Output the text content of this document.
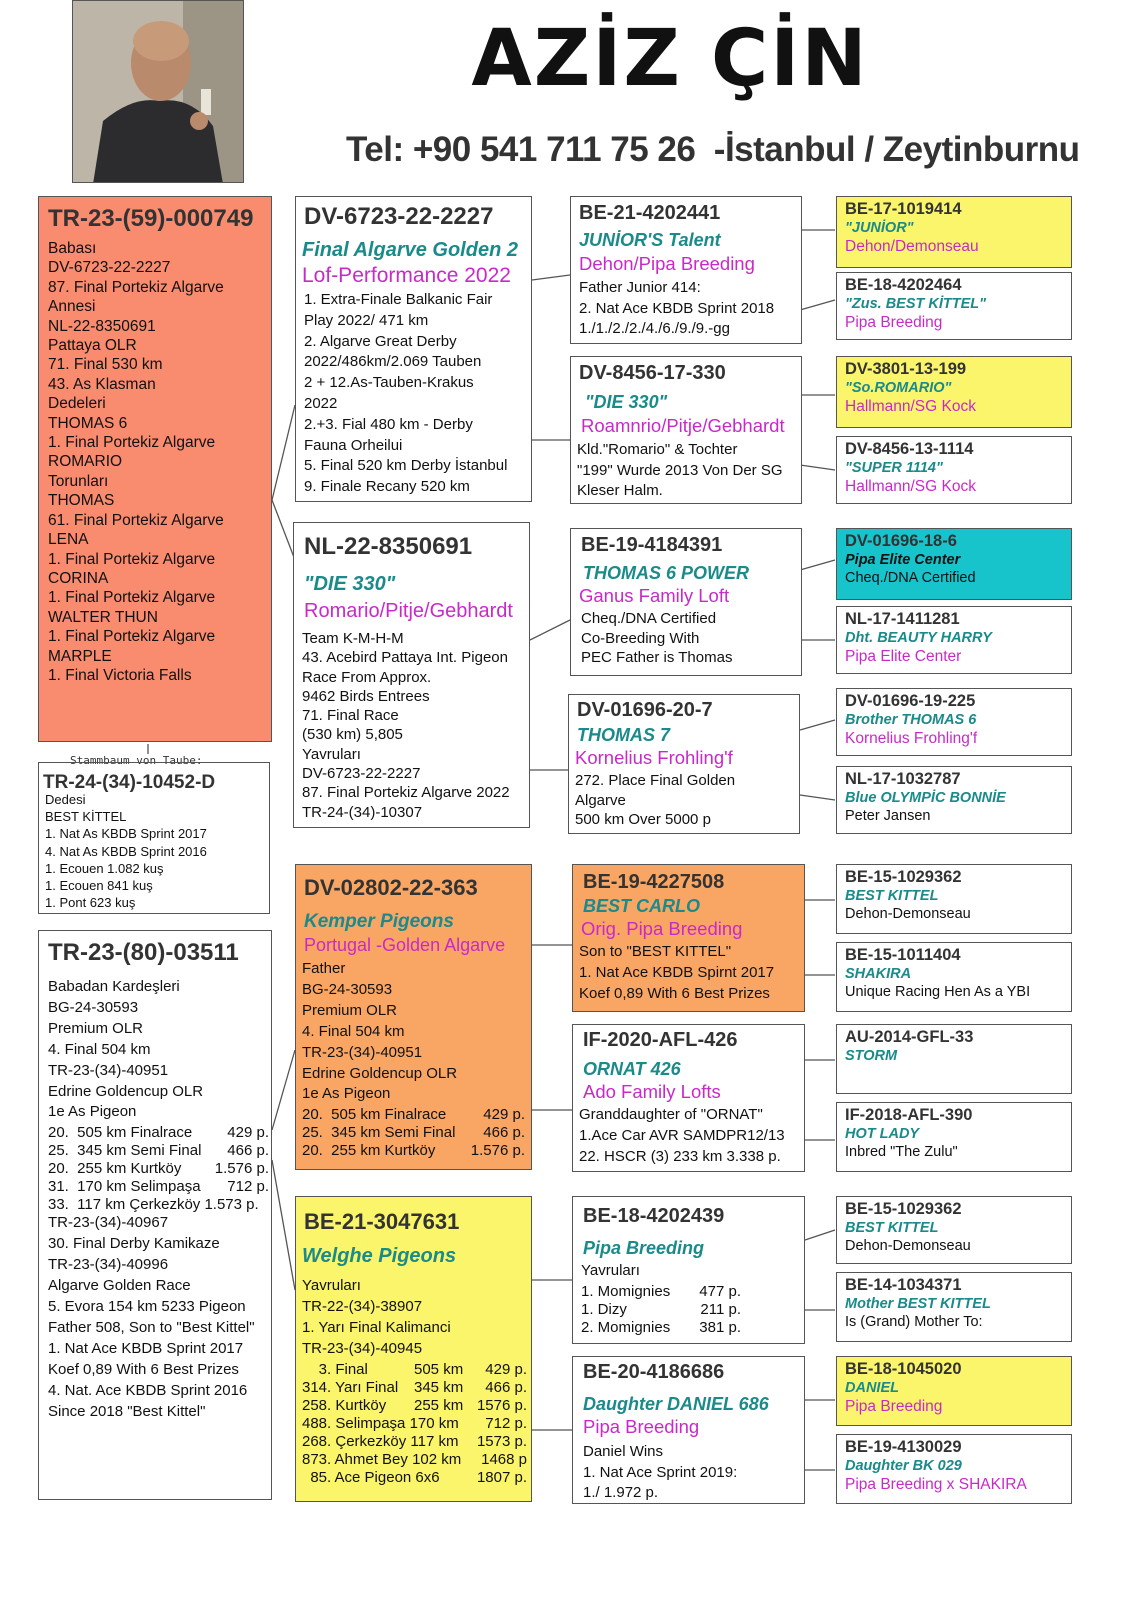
AZİZ ÇİN
Tel: +90 541 711 75 26  -İstanbul / Zeytinburnu
TR-23-(59)-000749
Babası
DV-6723-22-2227
87. Final Portekiz Algarve
Annesi
NL-22-8350691
Pattaya OLR
71. Final 530 km
43. As Klasman
Dedeleri
THOMAS 6
1. Final Portekiz Algarve
ROMARIO
Torunları
THOMAS
61. Final Portekiz Algarve
LENA
1. Final Portekiz Algarve
CORINA
1. Final Portekiz Algarve
WALTER THUN
1. Final Portekiz Algarve
MARPLE
1. Final Victoria Falls
Stammbaum von Taube:
TR-24-(34)-10452-D
Dedesi
BEST KİTTEL
1. Nat As KBDB Sprint 2017
4. Nat As KBDB Sprint 2016
1. Ecouen 1.082 kuş
1. Ecouen 841 kuş
1. Pont 623 kuş
TR-23-(80)-03511
Babadan Kardeşleri
BG-24-30593
Premium OLR
4. Final 504 km
TR-23-(34)-40951
Edrine Goldencup OLR
1e As Pigeon
20.  505 km Finalrace 429 p.
25.  345 km Semi Final 466 p.
20.  255 km Kurtköy 1.576 p.
31.  170 km Selimpaşa 712 p.
33.  117 km Çerkezköy 1.573 p.
TR-23-(34)-40967
30. Final Derby Kamikaze
TR-23-(34)-40996
Algarve Golden Race
5. Evora 154 km 5233 Pigeon
Father 508, Son to "Best Kittel"
1. Nat Ace KBDB Sprint 2017
Koef 0,89 With 6 Best Prizes
4. Nat. Ace KBDB Sprint 2016
Since 2018 "Best Kittel"
DV-6723-22-2227
Final Algarve Golden 2
Lof-Performance 2022
1. Extra-Finale Balkanic Fair
Play 2022/ 471 km
2. Algarve Great Derby
2022/486km/2.069 Tauben
2 + 12.As-Tauben-Krakus
2022
2.+3. Fial 480 km - Derby
Fauna Orheilui
5. Final 520 km Derby İstanbul
9. Finale Recany 520 km
NL-22-8350691
"DIE 330"
Romario/Pitje/Gebhardt
Team K-M-H-M
43. Acebird Pattaya Int. Pigeon
Race From Approx.
9462 Birds Entrees
71. Final Race
(530 km) 5,805
Yavruları
DV-6723-22-2227
87. Final Portekiz Algarve 2022
TR-24-(34)-10307
DV-02802-22-363
Kemper Pigeons
Portugal -Golden Algarve
Father
BG-24-30593
Premium OLR
4. Final 504 km
TR-23-(34)-40951
Edrine Goldencup OLR
1e As Pigeon
20.  505 km Finalrace 429 p.
25.  345 km Semi Final 466 p.
20.  255 km Kurtköy 1.576 p.
BE-21-3047631
Welghe Pigeons
Yavruları
TR-22-(34)-38907
1. Yarı Final Kalimanci
TR-23-(34)-40945
3. Final	505 km 429 p.
314. Yarı Final 345 km 466 p.
258. Kurtköy 255 km 1576 p.
488. Selimpaşa 170 km 712 p.
268. Çerkezköy 117 km 1573 p.
873. Ahmet Bey 102 km 1468 p
85. Ace Pigeon 6x6 1807 p.
BE-21-4202441
JUNİOR'S Talent
Dehon/Pipa Breeding
Father Junior 414:
2. Nat Ace KBDB Sprint 2018
1./1./2./2./4./6./9./9.-gg
DV-8456-17-330
"DIE 330"
Roamnrio/Pitje/Gebhardt
Kld."Romario" & Tochter
"199" Wurde 2013 Von Der SG
Kleser Halm.
BE-19-4184391
THOMAS 6 POWER
Ganus Family Loft
Cheq./DNA Certified
Co-Breeding With
PEC Father is Thomas
DV-01696-20-7
THOMAS 7
Kornelius Frohling'f
272. Place Final Golden
Algarve
500 km Over 5000 p
BE-19-4227508
BEST CARLO
Orig. Pipa Breeding
Son to "BEST KITTEL"
1. Nat Ace KBDB Spirnt 2017
Koef 0,89 With 6 Best Prizes
IF-2020-AFL-426
ORNAT 426
Ado Family Lofts
Granddaughter of "ORNAT"
1.Ace Car AVR SAMDPR12/13
22. HSCR (3) 233 km 3.338 p.
BE-18-4202439
Pipa Breeding
Yavruları
1. Momignies 477 p.
1. Dizy	211 p.
2. Momignies 381 p.
BE-20-4186686
Daughter DANIEL 686
Pipa Breeding
Daniel Wins
1. Nat Ace Sprint 2019:
1./ 1.972 p.
BE-17-1019414
"JUNİOR"
Dehon/Demonseau
BE-18-4202464
"Zus. BEST KİTTEL"
Pipa Breeding
DV-3801-13-199
"So.ROMARIO"
Hallmann/SG Kock
DV-8456-13-1114
"SUPER 1114"
Hallmann/SG Kock
DV-01696-18-6
Pipa Elite Center
Cheq./DNA Certified
NL-17-1411281
Dht. BEAUTY HARRY
Pipa Elite Center
DV-01696-19-225
Brother THOMAS 6
Kornelius Frohling'f
NL-17-1032787
Blue OLYMPİC BONNİE
Peter Jansen
BE-15-1029362
BEST KITTEL
Dehon-Demonseau
BE-15-1011404
SHAKIRA
Unique Racing Hen As a YBI
AU-2014-GFL-33
STORM
IF-2018-AFL-390
HOT LADY
Inbred "The Zulu"
BE-15-1029362
BEST KITTEL
Dehon-Demonseau
BE-14-1034371
Mother BEST KITTEL
Is (Grand) Mother To:
BE-18-1045020
DANIEL
Pipa Breeding
BE-19-4130029
Daughter BK 029
Pipa Breeding x SHAKIRA
